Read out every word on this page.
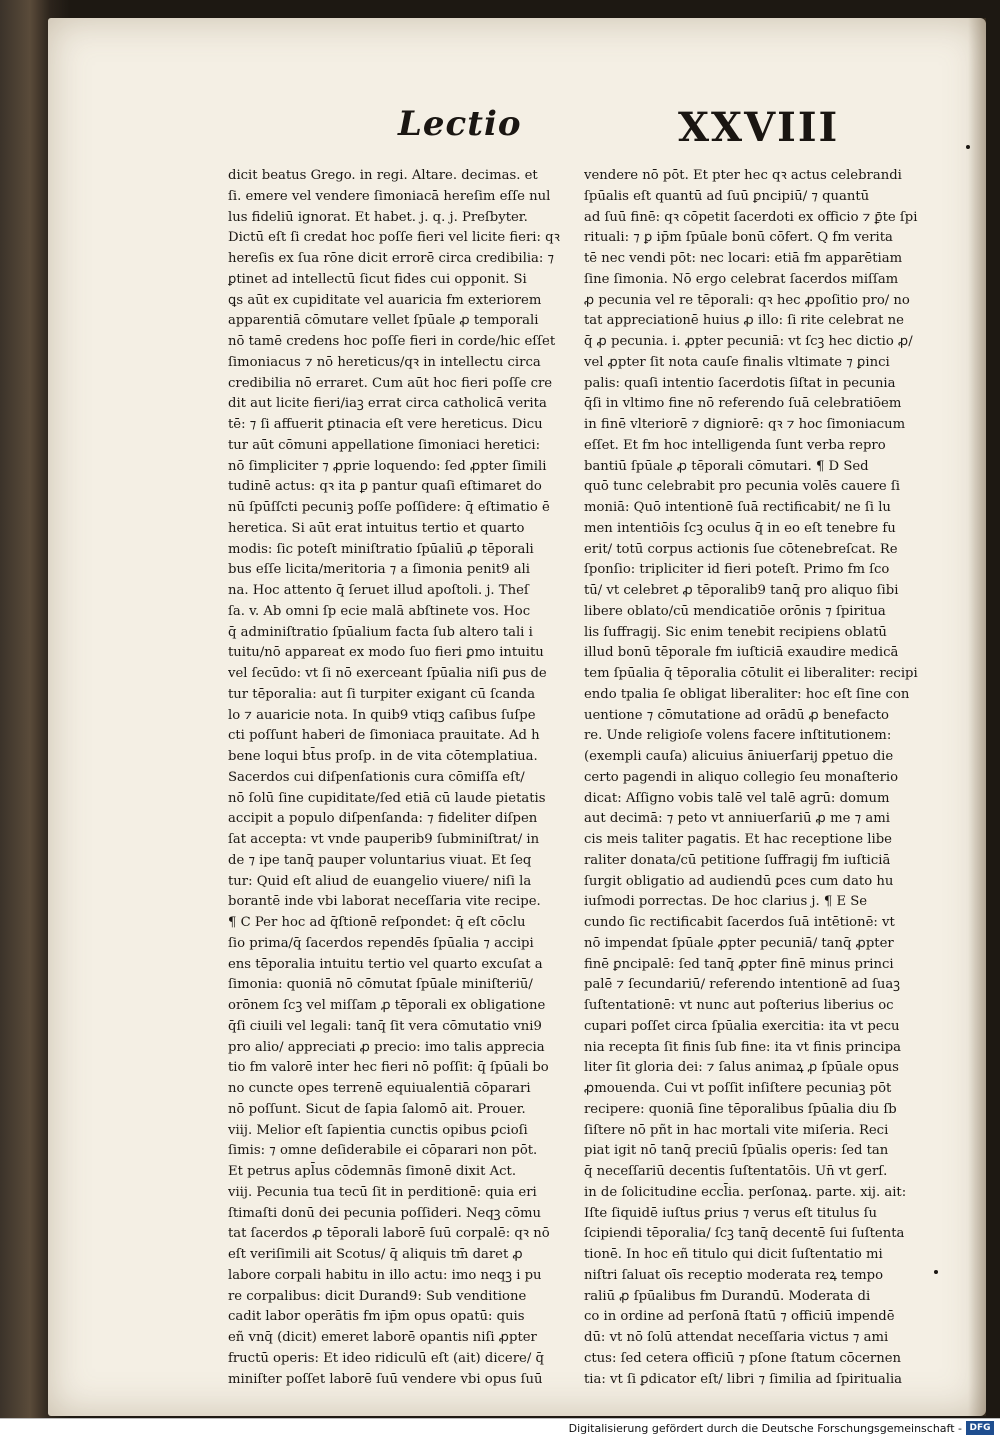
Lectio	XXVIII
dicit beatus Grego. in regi. Altare. decimas. et
ſi. emere vel vendere ſimoniacā hereſim eſſe nul
lus fideliū ignorat. Et habet. j. q. j. Preſbyter.
Dictū eſt ſi credat hoc poſſe fieri vel licite fieri: qꝛ
hereſis ex ſua rōne dicit errorē circa credibilia: ⁊
ꝑtinet ad intellectū ſicut fides cui opponit. Si
ꝗs aūt ex cupiditate vel auaricia fm exteriorem
apparentiā cōmutare vellet ſpūale ꝓ temporali
nō tamē credens hoc poſſe fieri in corde/hic eſſet
ſimoniacus ⁊ nō hereticus/qꝛ in intellectu circa
credibilia nō erraret. Cum aūt hoc fieri poſſe cre
dit aut licite fieri/iaꝫ errat circa catholicā verita
tē: ⁊ ſi affuerit ꝑtinacia eſt vere hereticus. Dicu
tur aūt cōmuni appellatione ſimoniaci heretici:
nō ſimpliciter ⁊ ꝓprie loquendo: ſed ꝓpter ſimili
tudinē actus: qꝛ ita ꝑ pantur quaſi eſtimaret do
nū ſpūſſcti pecuniꝫ poſſe poſſidere: q̄ eſtimatio ē
heretica. Si aūt erat intuitus tertio et quarto
modis: ſic poteſt miniſtratio ſpūaliū ꝓ tēporali
bus eſſe licita/meritoria ⁊ a ſimonia penit9 ali
na. Hoc attento q̄ ſeruet illud apoſtoli. j. Theſ
ſa. v. Ab omni ſp ecie malā abſtinete vos. Hoc
q̄ adminiſtratio ſpūalium facta ſub altero tali i
tuitu/nō appareat ex modo ſuo fieri ꝑmo intuitu
vel ſecūdo: vt ſi nō exerceant ſpūalia niſi ꝑus de
tur tēporalia: aut ſi turpiter exigant cū ſcanda
lo ⁊ auaricie nota. In quib9 vtiqꝫ caſibus ſuſpe
cti poſſunt haberi de ſimoniaca prauitate. Ad h
bene loqui bt̄us proſp. in de vita cōtemplatiua.
Sacerdos cui diſpenſationis cura cōmiſſa eſt/
nō ſolū ſine cupiditate/ſed etiā cū laude pietatis
accipit a populo diſpenſanda: ⁊ fideliter diſpen
ſat accepta: vt vnde pauperib9 ſubminiſtrat/ in
de ⁊ ipe tanq̄ pauper voluntarius viuat. Et ſeq
tur: Quid eſt aliud de euangelio viuere/ niſi la
borantē inde vbi laborat neceſſaria vite recipe.
¶ C Per hoc ad q̄ſtionē reſpondet: q̄ eſt cōclu
ſio prima/q̄ ſacerdos rependēs ſpūalia ⁊ accipi
ens tēporalia intuitu tertio vel quarto excuſat a
ſimonia: quoniā nō cōmutat ſpūale miniſteriū/
orōnem ſcꝫ vel miſſam ꝓ tēporali ex obligatione
q̄ſi ciuili vel legali: tanq̄ ſit vera cōmutatio vni9
pro alio/ appreciati ꝓ precio: imo talis apprecia
tio fm valorē inter hec fieri nō poſſit: q̄ ſpūali bo
no cuncte opes terrenē equiualentiā cōparari
nō poſſunt. Sicut de ſapia ſalomō ait. Prouer.
viij. Melior eſt ſapientia cunctis opibus ꝑcioſi
ſimis: ⁊ omne deſiderabile ei cōparari non pōt.
Et petrus apl̄us cōdemnās ſimonē dixit Act.
viij. Pecunia tua tecū ſit in perditionē: quia eri
ſtimaſti donū dei pecunia poſſideri. Neqꝫ cōmu
tat ſacerdos ꝓ tēporali laborē ſuū corpalē: qꝛ nō
eſt veriſimili ait Scotus/ q̄ aliquis tm̄ daret ꝓ
labore corpali habitu in illo actu: imo neqꝫ i pu
re corpalibus: dicit Durand9: Sub venditione
cadit labor operātis fm ip̄m opus opatū: quis
eñ vnq̄ (dicit) emeret laborē opantis niſi ꝓpter
fructū operis: Et ideo ridiculū eſt (ait) dicere/ q̄
miniſter poſſet laborē ſuū vendere vbi opus ſuū
vendere nō pōt. Et pter hec qꝛ actus celebrandi
ſpūalis eſt quantū ad ſuū ꝑncipiū/ ⁊ quantū
ad ſuū finē: qꝛ cōpetit ſacerdoti ex officio ⁊ ꝑ̄te ſpi
rituali: ⁊ ꝑ ip̄m ſpūale bonū cōfert. Q fm verita
tē nec vendi pōt: nec locari: etiā fm apparētiam
ſine ſimonia. Nō ergo celebrat ſacerdos miſſam
ꝓ pecunia vel re tēporali: qꝛ hec ꝓpoſitio pro/ no
tat appreciationē huius ꝓ illo: ſi rite celebrat ne
q̄ ꝓ pecunia. i. ꝓpter pecuniā: vt ſcꝫ hec dictio ꝓ/
vel ꝓpter ſit nota cauſe finalis vltimate ⁊ ꝑinci
palis: quaſi intentio ſacerdotis ſiſtat in pecunia
q̄ſi in vltimo fine nō referendo ſuā celebratiōem
in finē vlteriorē ⁊ digniorē: qꝛ ⁊ hoc ſimoniacum
eſſet. Et fm hoc intelligenda ſunt verba repro
bantiū ſpūale ꝓ tēporali cōmutari. ¶ D Sed
quō tunc celebrabit pro pecunia volēs cauere ſi
moniā: Quō intentionē ſuā rectificabit/ ne ſi lu
men intentiōis ſcꝫ oculus q̄ in eo eſt tenebre fu
erit/ totū corpus actionis ſue cōtenebreſcat. Re
ſponſio: tripliciter id fieri poteſt. Primo fm ſco
tū/ vt celebret ꝓ tēporalib9 tanq̄ pro aliquo ſibi
libere oblato/cū mendicatiōe orōnis ⁊ ſpiritua
lis ſuffragij. Sic enim tenebit recipiens oblatū
illud bonū tēporale fm iuſticiā exaudire medicā
tem ſpūalia q̄ tēporalia cōtulit ei liberaliter: recipi
endo tpalia ſe obligat liberaliter: hoc eſt ſine con
uentione ⁊ cōmutatione ad orādū ꝓ benefacto
re. Unde religioſe volens facere inſtitutionem:
(exempli cauſa) alicuius āniuerſarij ꝑpetuo die
certo pagendi in aliquo collegio ſeu monaſterio
dicat: Aſſigno vobis talē vel talē agrū: domum
aut decimā: ⁊ peto vt anniuerſariū ꝓ me ⁊ ami
cis meis taliter pagatis. Et hac receptione libe
raliter donata/cū petitione ſuffragij fm iuſticiā
ſurgit obligatio ad audiendū ꝑces cum dato hu
iuſmodi porrectas. De hoc clarius j. ¶ E Se
cundo ſic rectificabit ſacerdos ſuā intētionē: vt
nō impendat ſpūale ꝓpter pecuniā/ tanq̄ ꝓpter
finē ꝑncipalē: ſed tanq̄ ꝓpter finē minus princi
palē ⁊ ſecundariū/ referendo intentionē ad ſuaꝫ
ſuſtentationē: vt nunc aut poſterius liberius oc
cupari poſſet circa ſpūalia exercitia: ita vt pecu
nia recepta ſit finis ſub fine: ita vt finis principa
liter ſit gloria dei: ⁊ ſalus animaꝝ ꝓ ſpūale opus
ꝓmouenda. Cui vt poſſit inſiſtere pecuniaꝫ pōt
recipere: quoniā ſine tēporalibus ſpūalia diu ſb
ſiſtere nō pñt in hac mortali vite miſeria. Reci
piat igit nō tanq̄ preciū ſpūalis operis: ſed tan
q̄ neceſſariū decentis ſuſtentatōis. Un̄ vt gerſ.
in de ſolicitudine eccl̄ia. perſonaꝝ. parte. xij. ait:
Iſte ſiquidē iuſtus ꝑrius ⁊ verus eſt titulus ſu
ſcipiendi tēporalia/ ſcꝫ tanq̄ decentē ſui ſuſtenta
tionē. In hoc eñ titulo qui dicit ſuſtentatio mi
niſtri ſaluat oīs receptio moderata reꝝ tempo
raliū ꝓ ſpūalibus fm Durandū. Moderata di
co in ordine ad perſonā ſtatū ⁊ officiū impendē
dū: vt nō ſolū attendat neceſſaria victus ⁊ ami
ctus: ſed cetera officiū ⁊ pſone ſtatum cōcernen
tia: vt ſi ꝑdicator eſt/ libri ⁊ ſimilia ad ſpiritualia
Digitalisierung gefördert durch die Deutsche Forschungsgemeinschaft - DFG
